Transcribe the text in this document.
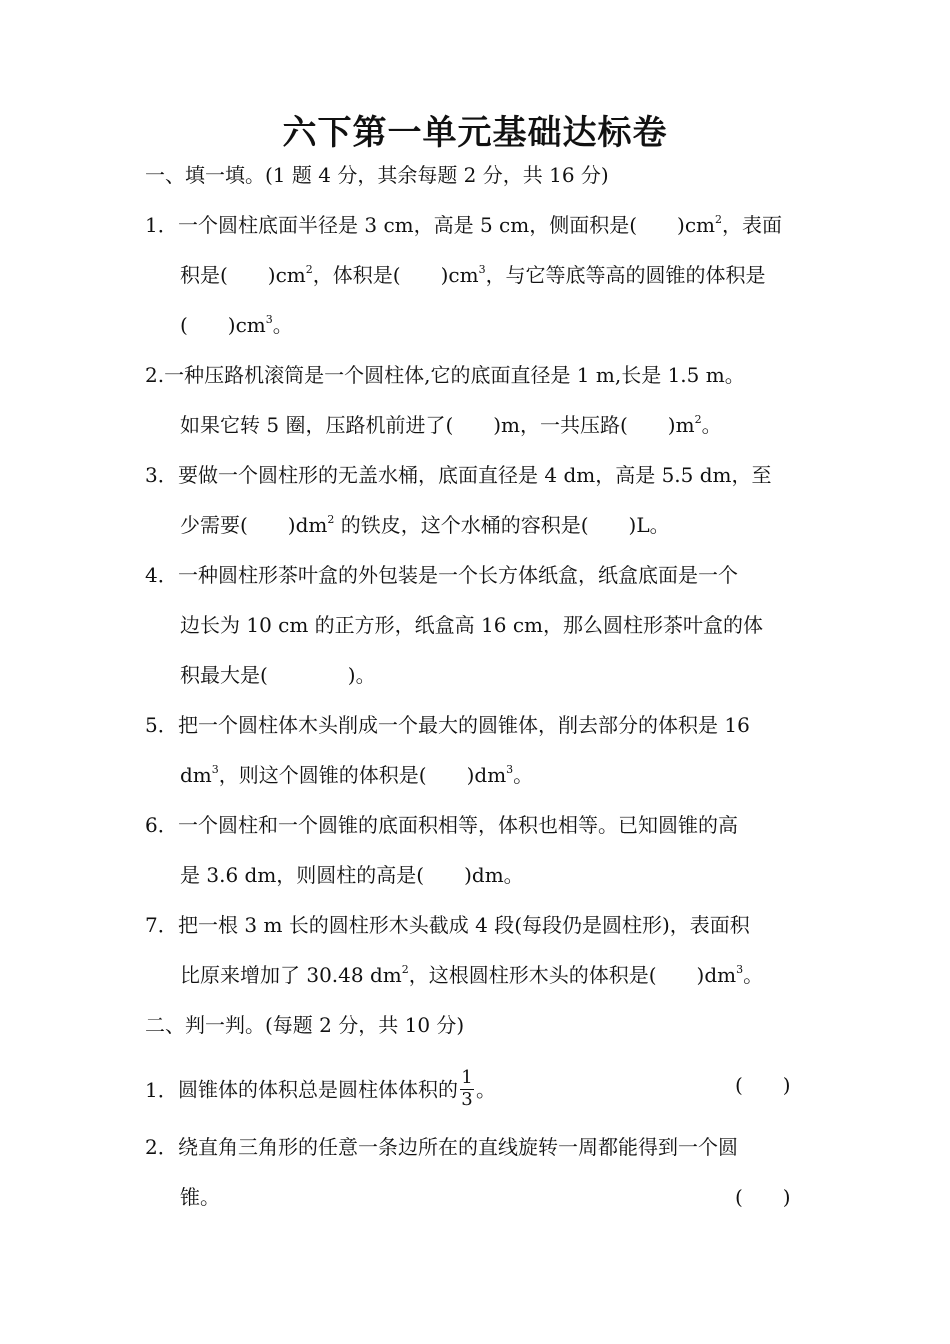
六下第一单元基础达标卷
一、填一填。(1 题 4 分，其余每题 2 分，共 16 分)
1．一个圆柱底面半径是 3 cm，高是 5 cm，侧面积是(　　)$cm^2$，表面
积是(　　)$cm^2$，体积是(　　)$cm^3$，与它等底等高的圆锥的体积是
(　　)$cm^3$。
2.一种压路机滚筒是一个圆柱体,它的底面直径是 1 m,长是 1.5 m。
如果它转 5 圈，压路机前进了(　　)m，一共压路(　　)$m^2$。
3．要做一个圆柱形的无盖水桶，底面直径是 4 dm，高是 5.5 dm，至
少需要(　　)$dm^2$ 的铁皮，这个水桶的容积是(　　)L。
4．一种圆柱形茶叶盒的外包装是一个长方体纸盒，纸盒底面是一个
边长为 10 cm 的正方形，纸盒高 16 cm，那么圆柱形茶叶盒的体
积最大是(　　　　)。
5．把一个圆柱体木头削成一个最大的圆锥体，削去部分的体积是 16
$dm^3$，则这个圆锥的体积是(　　)$dm^3$。
6．一个圆柱和一个圆锥的底面积相等，体积也相等。已知圆锥的高
是 3.6 dm，则圆柱的高是(　　)dm。
7．把一根 3 m 长的圆柱形木头截成 4 段(每段仍是圆柱形)，表面积
比原来增加了 30.48 $dm^2$，这根圆柱形木头的体积是(　　)$dm^3$。
二、判一判。(每题 2 分，共 10 分)
1．圆锥体的体积总是圆柱体体积的 $\frac{1}{3}$ 。	(　　)
2．绕直角三角形的任意一条边所在的直线旋转一周都能得到一个圆
锥。	(　　)
